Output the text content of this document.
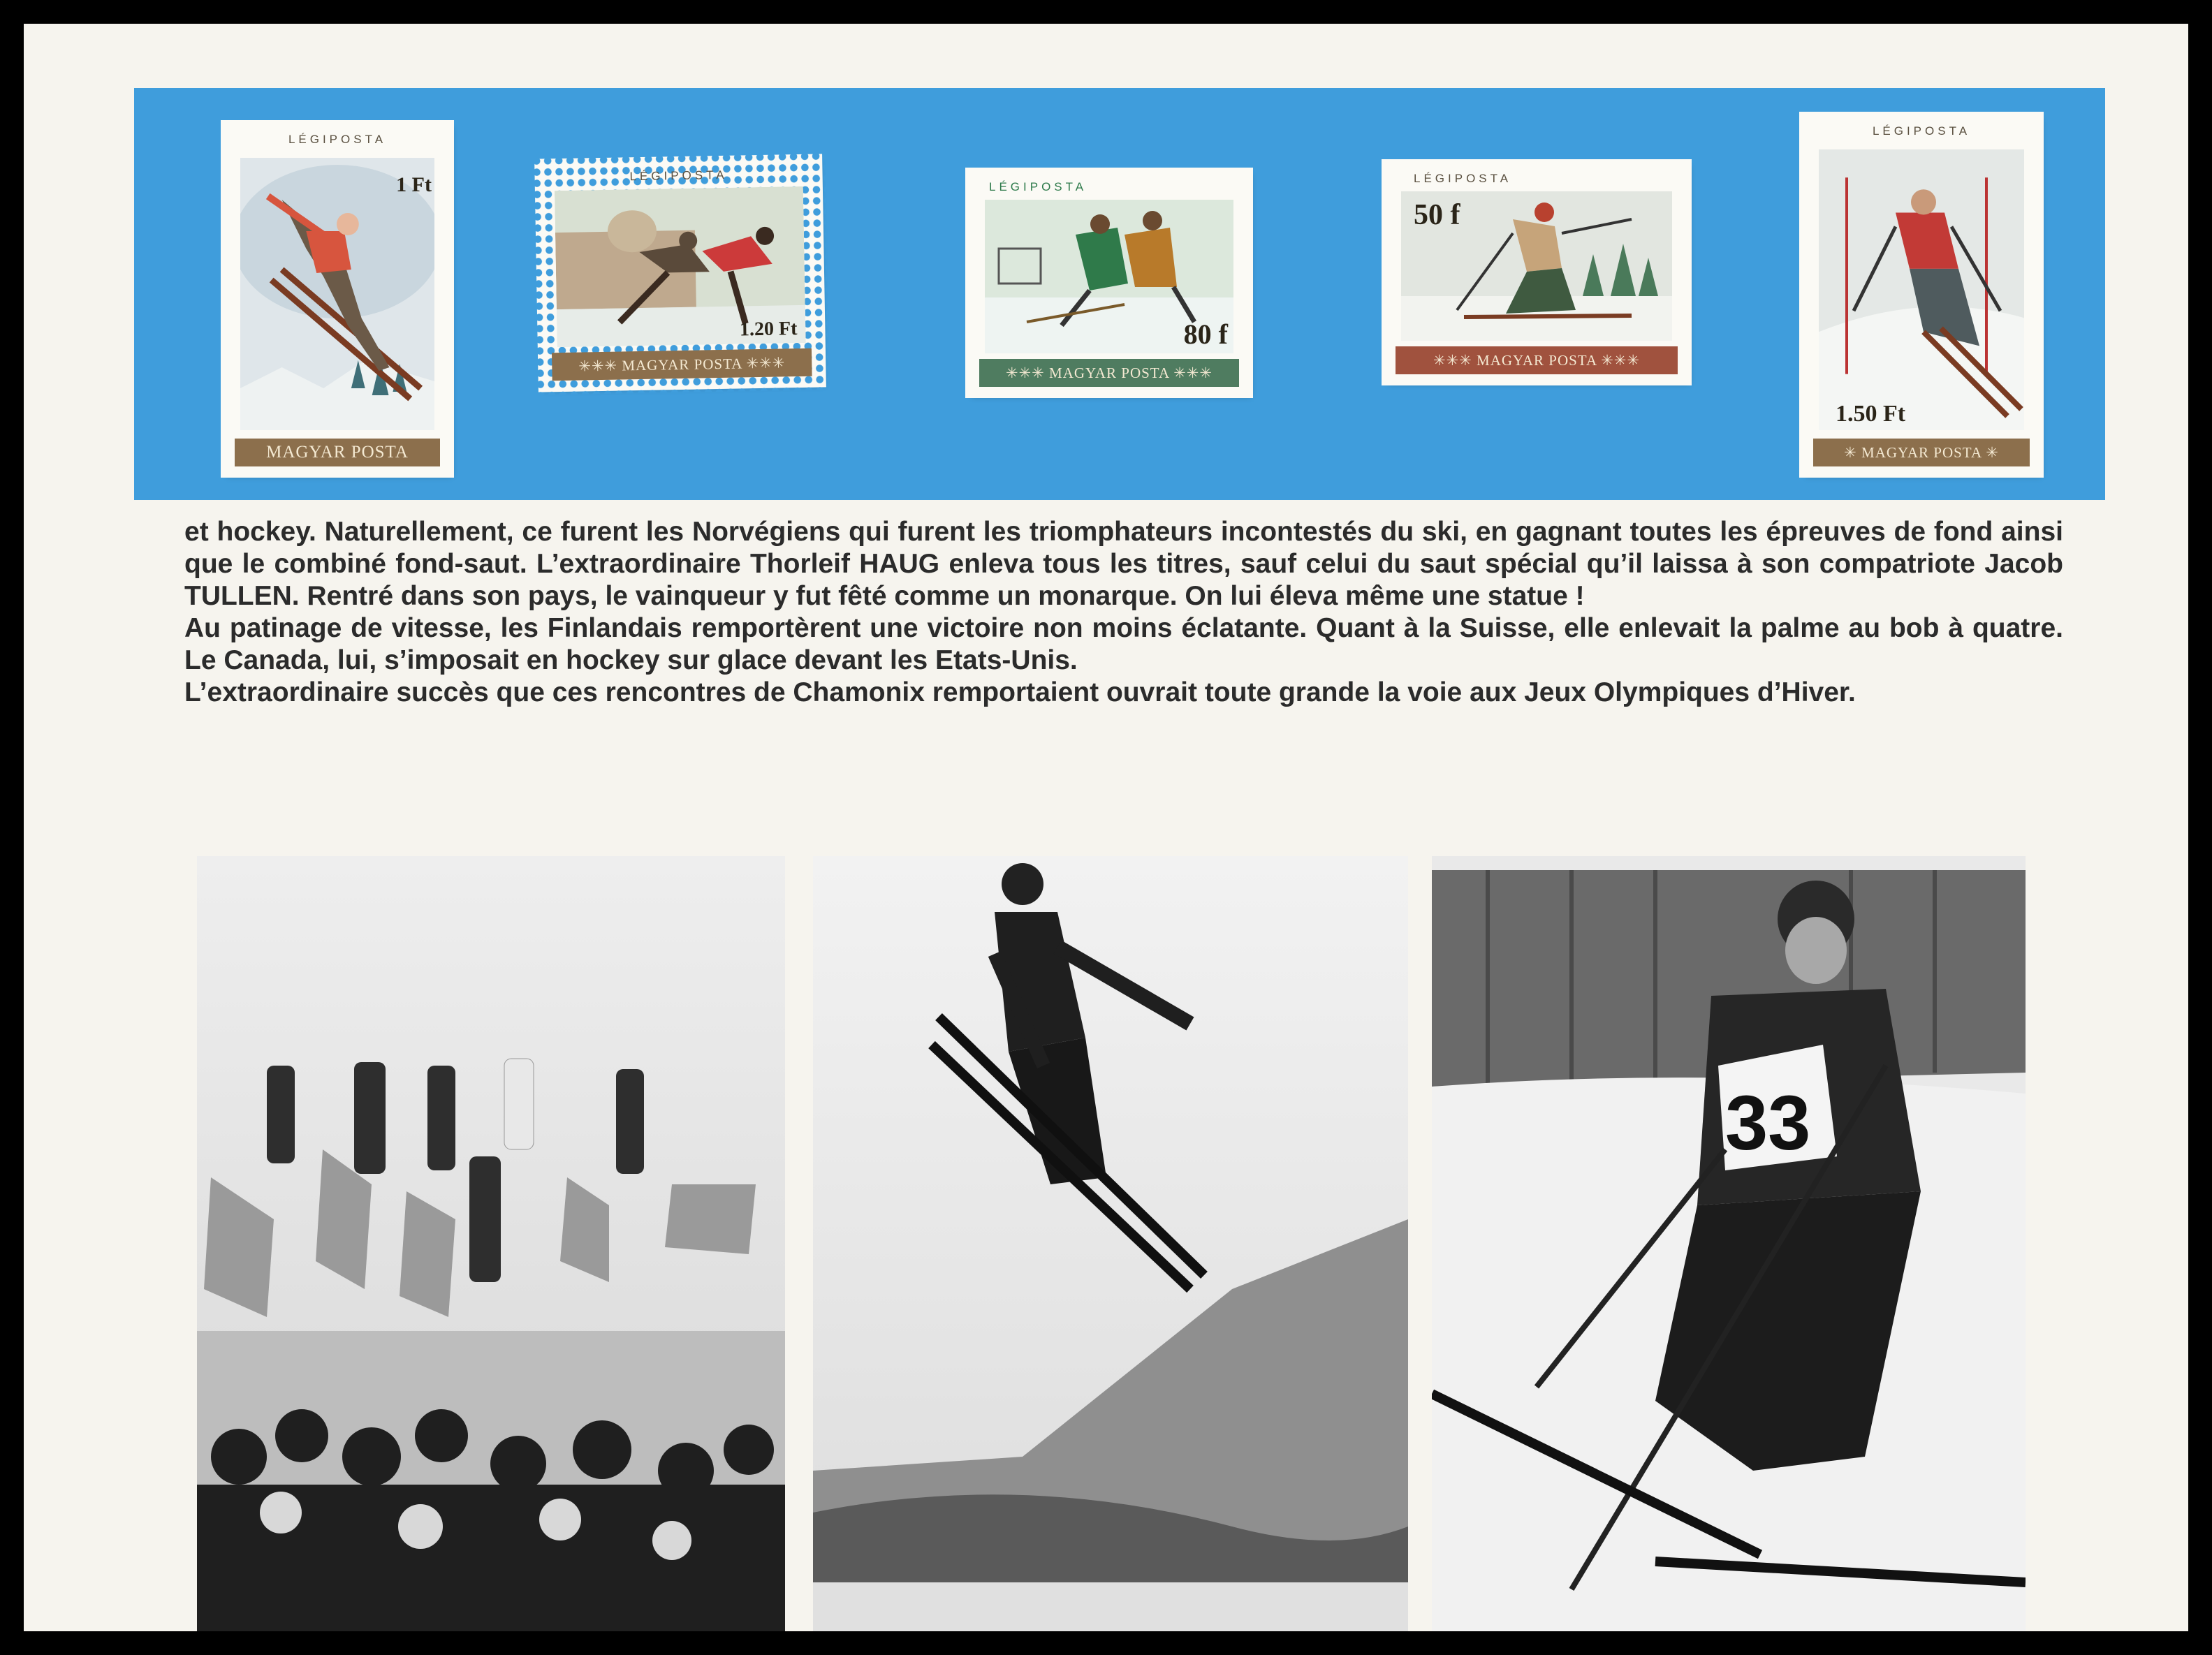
LÉGIPOSTA
1 Ft
MAGYAR POSTA
LÉGIPOSTA
1.20 Ft
✳✳✳ MAGYAR POSTA ✳✳✳
LÉGIPOSTA
80 f
✳✳✳ MAGYAR POSTA ✳✳✳
LÉGIPOSTA
50 f
✳✳✳ MAGYAR POSTA ✳✳✳
LÉGIPOSTA
1.50 Ft
✳ MAGYAR POSTA ✳

et hockey. Naturellement, ce furent les Norvégiens qui furent les triomphateurs incontestés du ski, en gagnant toutes les épreuves de fond ainsi que le combiné fond-saut. L’extraordinaire Thorleif HAUG enleva tous les titres, sauf celui du saut spécial qu’il laissa à son compatriote Jacob TULLEN. Rentré dans son pays, le vainqueur y fut fêté comme un monarque. On lui éleva même une statue !

Au patinage de vitesse, les Finlandais remportèrent une victoire non moins éclatante. Quant à la Suisse, elle enlevait la palme au bob à quatre. Le Canada, lui, s’imposait en hockey sur glace devant les Etats-Unis.

L’extraordinaire succès que ces rencontres de Chamonix remportaient ouvrait toute grande la voie aux Jeux Olympiques d’Hiver.

33
